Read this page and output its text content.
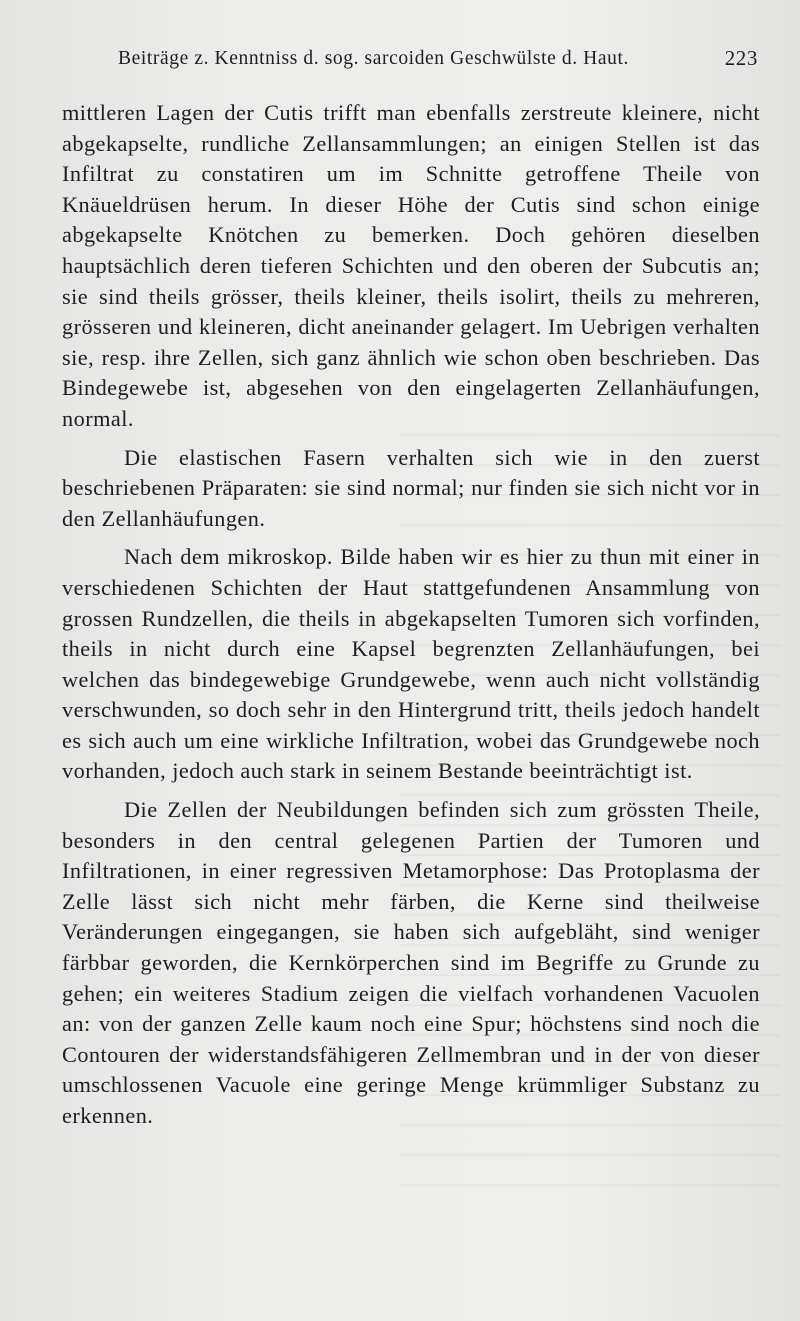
Beiträge z. Kenntniss d. sog. sarcoiden Geschwülste d. Haut.	223

mittleren Lagen der Cutis trifft man ebenfalls zerstreute kleinere, nicht abgekapselte, rundliche Zellansammlungen; an einigen Stellen ist das Infiltrat zu constatiren um im Schnitte getroffene Theile von Knäueldrüsen herum. In dieser Höhe der Cutis sind schon einige abgekapselte Knötchen zu bemerken. Doch gehören dieselben hauptsächlich deren tieferen Schichten und den oberen der Subcutis an; sie sind theils grösser, theils kleiner, theils isolirt, theils zu mehreren, grösseren und kleineren, dicht aneinander gelagert. Im Uebrigen verhalten sie, resp. ihre Zellen, sich ganz ähnlich wie schon oben beschrieben. Das Bindegewebe ist, abgesehen von den eingelagerten Zellanhäufungen, normal.

Die elastischen Fasern verhalten sich wie in den zuerst beschriebenen Präparaten: sie sind normal; nur finden sie sich nicht vor in den Zellanhäufungen.

Nach dem mikroskop. Bilde haben wir es hier zu thun mit einer in verschiedenen Schichten der Haut stattgefundenen Ansammlung von grossen Rundzellen, die theils in abgekapselten Tumoren sich vorfinden, theils in nicht durch eine Kapsel begrenzten Zellanhäufungen, bei welchen das bindegewebige Grundgewebe, wenn auch nicht vollständig verschwunden, so doch sehr in den Hintergrund tritt, theils jedoch handelt es sich auch um eine wirkliche Infiltration, wobei das Grundgewebe noch vorhanden, jedoch auch stark in seinem Bestande beeinträchtigt ist.

Die Zellen der Neubildungen befinden sich zum grössten Theile, besonders in den central gelegenen Partien der Tumoren und Infiltrationen, in einer regressiven Metamorphose: Das Protoplasma der Zelle lässt sich nicht mehr färben, die Kerne sind theilweise Veränderungen eingegangen, sie haben sich aufgebläht, sind weniger färbbar geworden, die Kernkörperchen sind im Begriffe zu Grunde zu gehen; ein weiteres Stadium zeigen die vielfach vorhandenen Vacuolen an: von der ganzen Zelle kaum noch eine Spur; höchstens sind noch die Contouren der widerstandsfähigeren Zellmembran und in der von dieser umschlossenen Vacuole eine geringe Menge krümmliger Substanz zu erkennen.
